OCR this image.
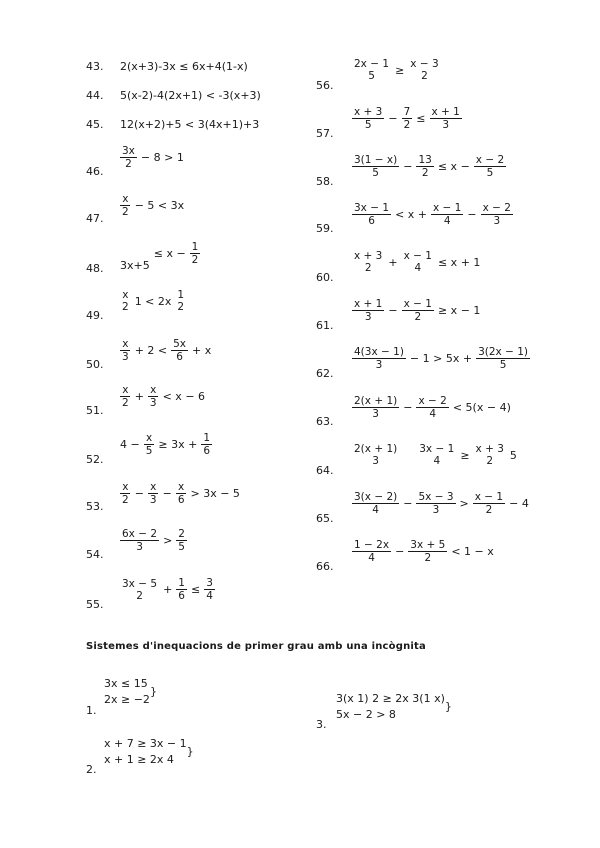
43. 2(x+3)-3x ≤ 6x+4(1-x)
44. 5(x-2)-4(2x+1) < -3(x+3)
45. 12(x+2)+5 < 3(4x+1)+3
46.
$\frac{3x}{2} - 8 > 1$
47.
$\frac{x}{2} - 5 < 3x$
48. $3x+5\le x - \frac{1}{2}$
49.
x
2 1 < 2x 1
2
50.
$\frac{x}{3} + 2 < \frac{5x}{6} + x$
51.
$\frac{x}{2} + \frac{x}{3} < x - 6$
52.
$4 - \frac{x}{5} \ge 3x + \frac{1}{6}$
53.
$\frac{x}{2} - \frac{x}{3} - \frac{x}{6} > 3x - 5$
54.
$\frac{6x - 2}{3} > \frac{2}{5}$
55.
3x − 5
$2 + \frac{1}{6} \le \frac{3}{4}$
56.
2x − 1
5 ≥ x − 3
2
57.
$\frac{x + 3}{5} - \frac{7}{2} \le \frac{x + 1}{3}$
58.
$\frac{3(1 - x)}{5} - \frac{13}{2} \le x - \frac{x - 2}{5}$
59.
$\frac{3x - 1}{6} < x + \frac{x - 1}{4} - \frac{x - 2}{3}$
60.
x + 3
2 + x − 1
4 ≤ x + 1
61.
$\frac{x + 1}{3} - \frac{x - 1}{2} \ge x - 1$
62.
$\frac{4(3x - 1)}{3} - 1 > 5x + \frac{3(2x - 1)}{5}$
63.
$\frac{2(x + 1)}{3} - \frac{x - 2}{4} < 5(x - 4)$
64.
2(x + 1)
3
3x − 1
4 ≥ x + 3
2 5
65.
$\frac{3(x - 2)}{4} - \frac{5x - 3}{3} > \frac{x - 1}{2} - 4$
66.
$\frac{1 - 2x}{4} - \frac{3x + 5}{2} < 1 - x$
Sistemes d'inequacions de primer grau amb una incògnita
1.
3x ≤ 15
2x ≥ −2
}
2.
x + 7 ≥ 3x − 1
x + 1 ≥ 2x 4
}
3.
3(x 1) 2 ≥ 2x 3(1 x)
5x − 2 > 8
}
